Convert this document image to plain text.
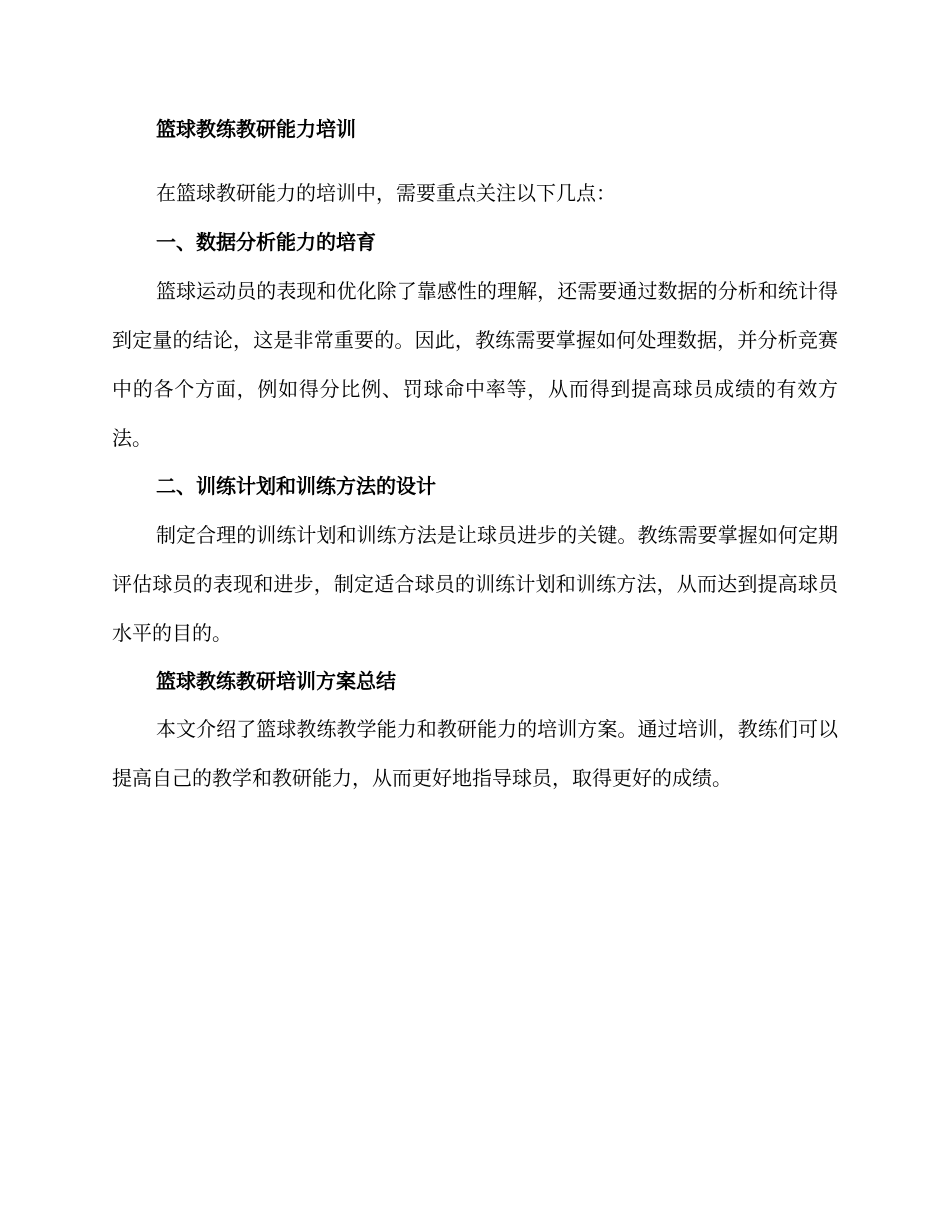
篮球教练教研能力培训

在篮球教研能力的培训中，需要重点关注以下几点：

一、数据分析能力的培育

篮球运动员的表现和优化除了靠感性的理解，还需要通过数据的分析和统计得到定量的结论，这是非常重要的。因此，教练需要掌握如何处理数据，并分析竞赛中的各个方面，例如得分比例、罚球命中率等，从而得到提高球员成绩的有效方法。

二、训练计划和训练方法的设计

制定合理的训练计划和训练方法是让球员进步的关键。教练需要掌握如何定期评估球员的表现和进步，制定适合球员的训练计划和训练方法，从而达到提高球员水平的目的。

篮球教练教研培训方案总结

本文介绍了篮球教练教学能力和教研能力的培训方案。通过培训，教练们可以提高自己的教学和教研能力，从而更好地指导球员，取得更好的成绩。
